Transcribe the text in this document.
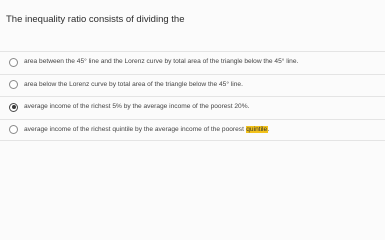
The inequality ratio consists of dividing the
area between the 45° line and the Lorenz curve by total area of the triangle below the 45° line.
area below the Lorenz curve by total area of the triangle below the 45° line.
average income of the richest 5% by the average income of the poorest 20%.
average income of the richest quintile by the average income of the poorest quintile.
